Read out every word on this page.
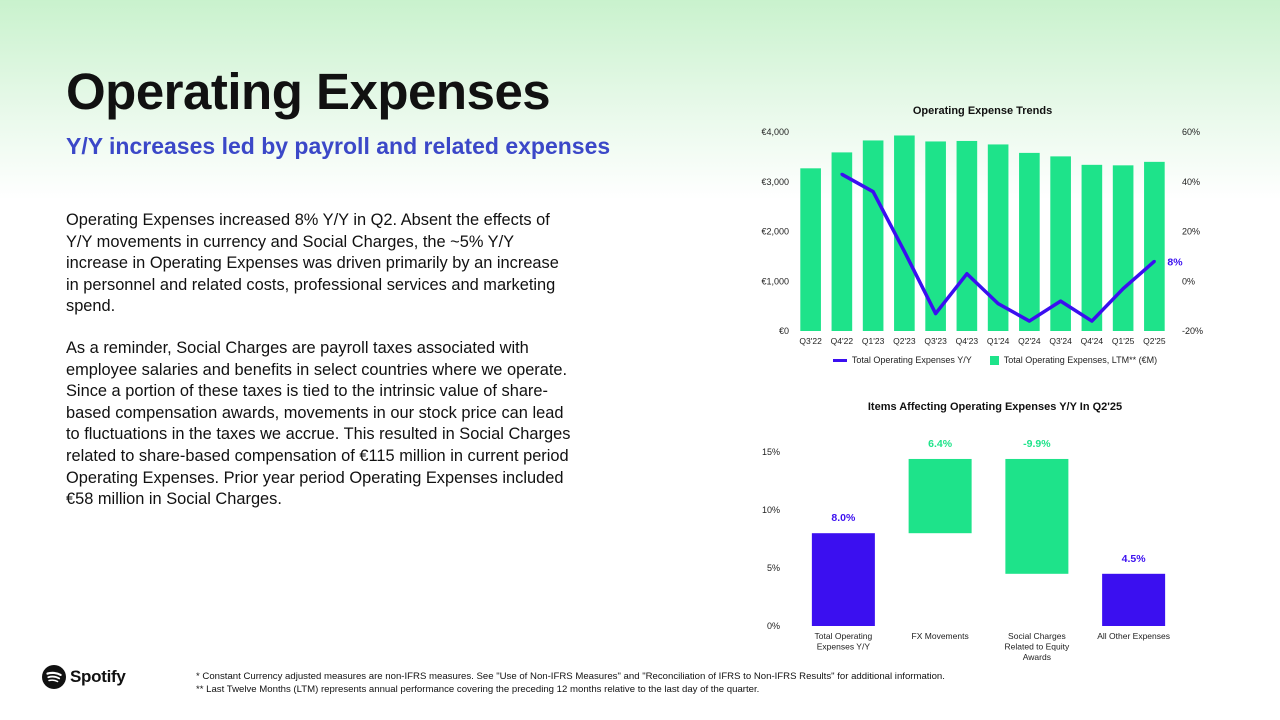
Operating Expenses
Y/Y increases led by payroll and related expenses

Operating Expenses increased 8% Y/Y in Q2. Absent the effects of Y/Y movements in currency and Social Charges, the ~5% Y/Y increase in Operating Expenses was driven primarily by an increase in personnel and related costs, professional services and marketing spend.

As a reminder, Social Charges are payroll taxes associated with employee salaries and benefits in select countries where we operate. Since a portion of these taxes is tied to the intrinsic value of share-based compensation awards, movements in our stock price can lead to fluctuations in the taxes we accrue. This resulted in Social Charges related to share-based compensation of €115 million in current period Operating Expenses. Prior year period Operating Expenses included €58 million in Social Charges.

Operating Expense Trends
€0
€1,000
€2,000
€3,000
€4,000
-20%
0%
20%
40%
60%
Q3'22 Q4'22 Q1'23 Q2'23 Q3'23 Q4'23 Q1'24 Q2'24 Q3'24 Q4'24 Q1'25 Q2'25
8%
Total Operating Expenses Y/Y	Total Operating Expenses, LTM** (€M)
Items Affecting Operating Expenses Y/Y In Q2'25
0%
5%
10%
15%
8.0%
6.4%	-9.9%
4.5%
Total Operating Expenses Y/Y
FX Movements	Social Charges Related to Equity Awards
All Other Expenses
Spotify	* Constant Currency adjusted measures are non-IFRS measures. See "Use of Non-IFRS Measures" and "Reconciliation of IFRS to Non-IFRS Results" for additional information.
** Last Twelve Months (LTM) represents annual performance covering the preceding 12 months relative to the last day of the quarter.
